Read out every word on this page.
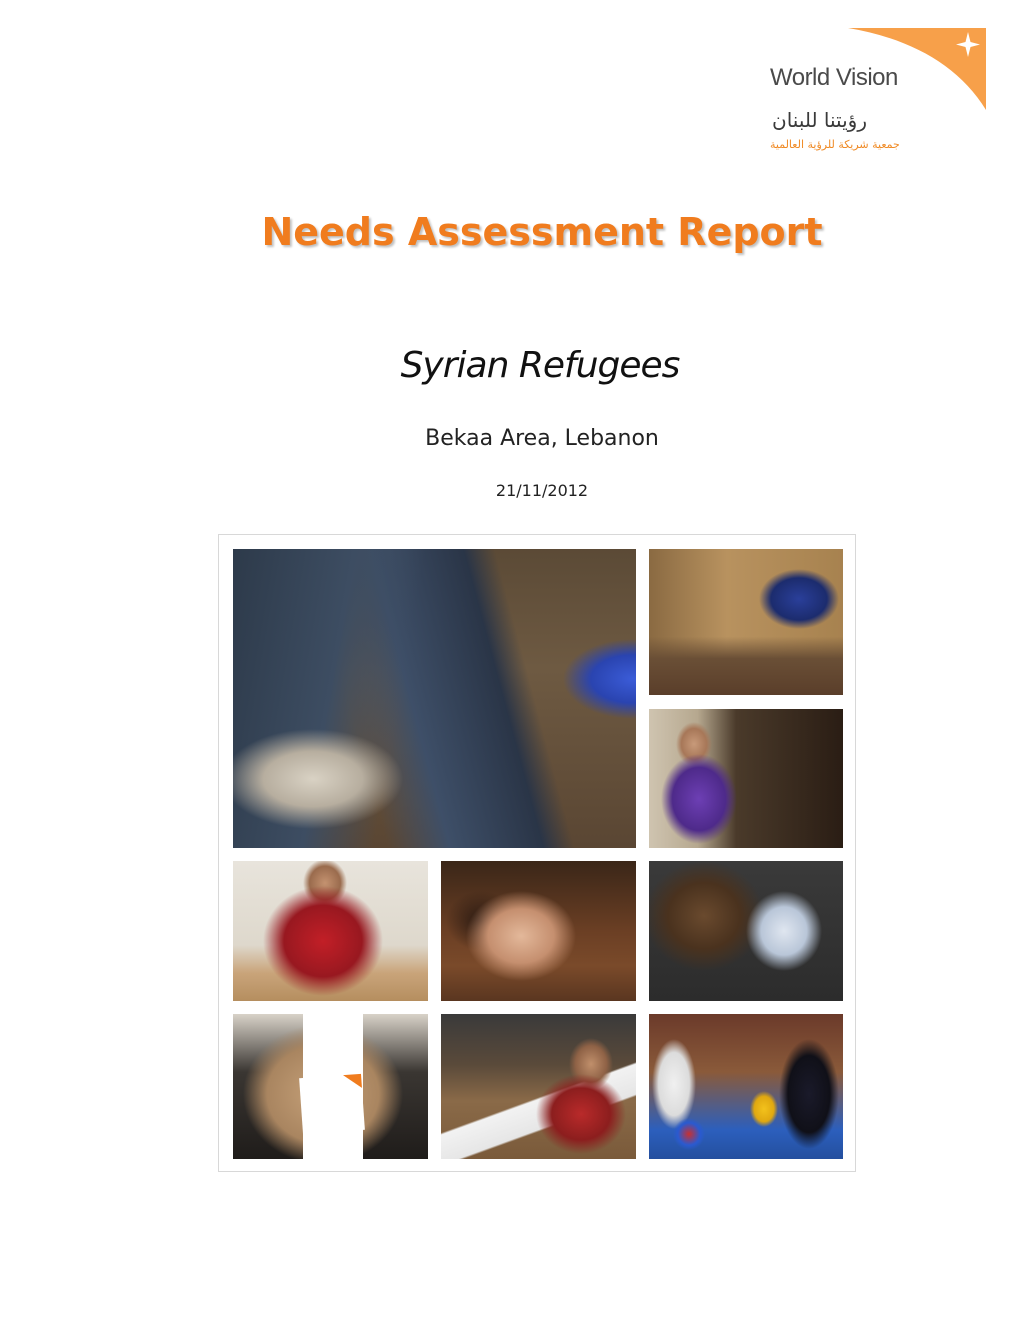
World Vision
رؤيتنا للبنان
جمعية شريكة للرؤية العالمية
Needs Assessment Report
Syrian Refugees
Bekaa Area, Lebanon
21/11/2012
